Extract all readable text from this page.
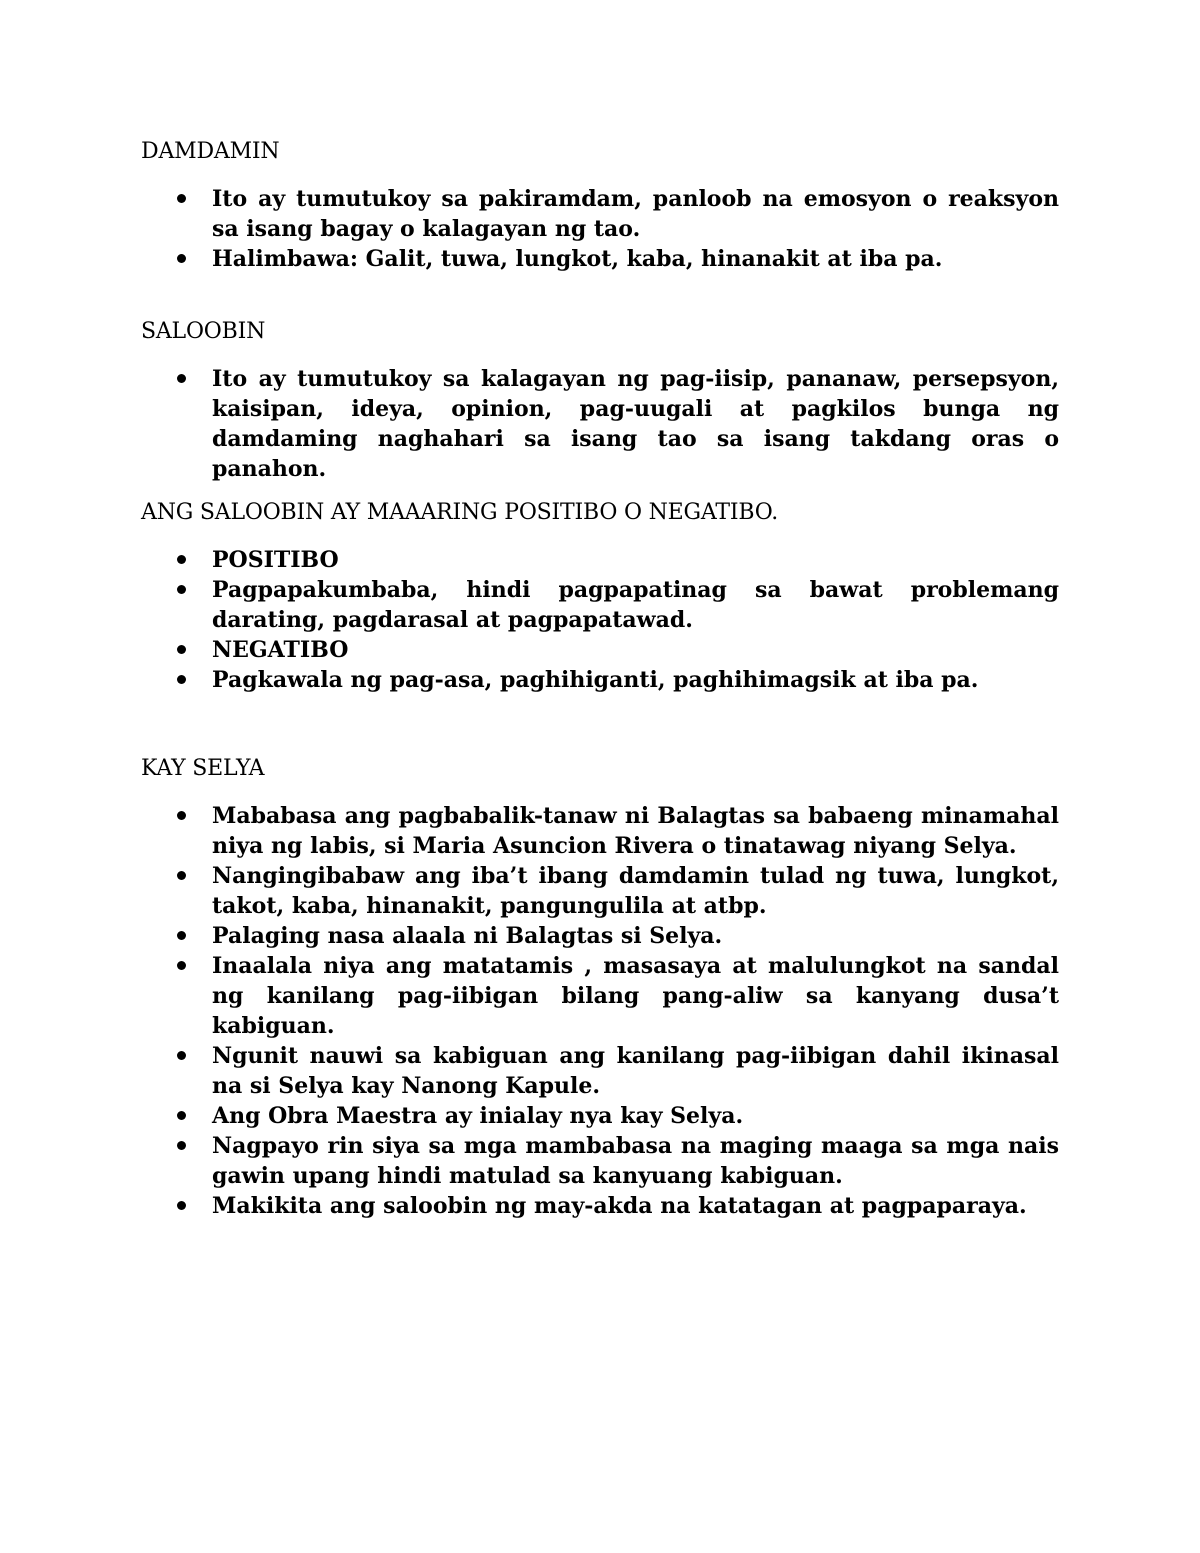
DAMDAMIN
Ito ay tumutukoy sa pakiramdam, panloob na emosyon o reaksyon sa isang bagay o kalagayan ng tao.
Halimbawa: Galit, tuwa, lungkot, kaba, hinanakit at iba pa.
SALOOBIN
Ito ay tumutukoy sa kalagayan ng pag-iisip, pananaw, persepsyon, kaisipan, ideya, opinion, pag-uugali at pagkilos bunga ng damdaming naghahari sa isang tao sa isang takdang oras o panahon.
ANG SALOOBIN AY MAAARING POSITIBO O NEGATIBO.
POSITIBO
Pagpapakumbaba, hindi pagpapatinag sa bawat problemang darating, pagdarasal at pagpapatawad.
NEGATIBO
Pagkawala ng pag-asa, paghihiganti, paghihimagsik at iba pa.
KAY SELYA
Mababasa ang pagbabalik-tanaw ni Balagtas sa babaeng minamahal niya ng labis, si Maria Asuncion Rivera o tinatawag niyang Selya.
Nangingibabaw ang iba’t ibang damdamin tulad ng tuwa, lungkot, takot, kaba, hinanakit, pangungulila at atbp.
Palaging nasa alaala ni Balagtas si Selya.
Inaalala niya ang matatamis , masasaya at malulungkot na sandal ng kanilang pag-iibigan bilang pang-aliw sa kanyang dusa’t kabiguan.
Ngunit nauwi sa kabiguan ang kanilang pag-iibigan dahil ikinasal na si Selya kay Nanong Kapule.
Ang Obra Maestra ay inialay nya kay Selya.
Nagpayo rin siya sa mga mambabasa na maging maaga sa mga nais gawin upang hindi matulad sa kanyuang kabiguan.
Makikita ang saloobin ng may-akda na katatagan at pagpaparaya.
